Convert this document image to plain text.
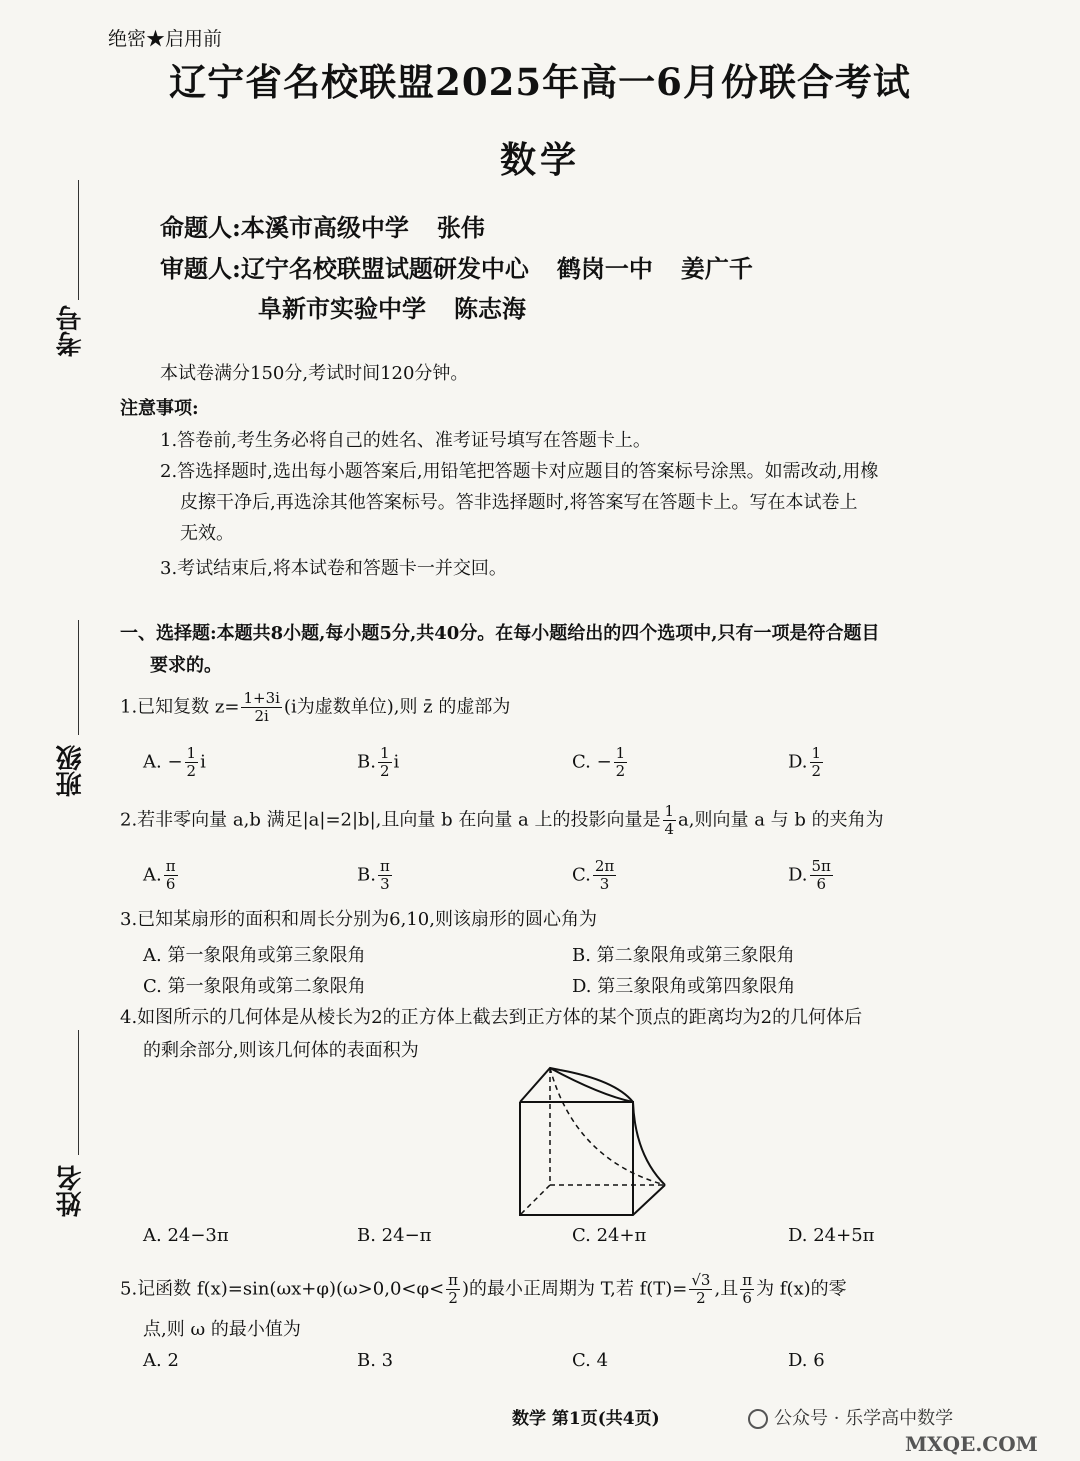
绝密★启用前
辽宁省名校联盟2025年高一6月份联合考试
数学
命题人:本溪市高级中学 张伟
审题人:辽宁名校联盟试题研发中心 鹤岗一中 姜广千
阜新市实验中学 陈志海
考号
班级
姓名
本试卷满分150分,考试时间120分钟。
注意事项:
1.答卷前,考生务必将自己的姓名、准考证号填写在答题卡上。
2.答选择题时,选出每小题答案后,用铅笔把答题卡对应题目的答案标号涂黑。如需改动,用橡
皮擦干净后,再选涂其他答案标号。答非选择题时,将答案写在答题卡上。写在本试卷上
无效。
3.考试结束后,将本试卷和答题卡一并交回。
一、选择题:本题共8小题,每小题5分,共40分。在每小题给出的四个选项中,只有一项是符合题目
要求的。
1.已知复数 $z= \frac{1+3i}{2i} (i$为虚数单位),则 z̄ 的虚部为
A. − $\frac{1}{2}$ i	B. $\frac{1}{2}$ i	C. − $\frac{1}{2}$	D. $\frac{1}{2}$
2.若非零向量 a,b 满足|a|=2|b|,且向量 b 在向量 a 上的投影向量是 $\frac{1}{4} a$,则向量 a 与 b 的夹角为
A. $\frac{\pi}{6}$	B. $\frac{\pi}{3}$	C. $\frac{2\pi}{3}$	D. $\frac{5\pi}{6}$
3.已知某扇形的面积和周长分别为6,10,则该扇形的圆心角为
A. 第一象限角或第三象限角	B. 第二象限角或第三象限角
C. 第一象限角或第二象限角	D. 第三象限角或第四象限角
4.如图所示的几何体是从棱长为2的正方体上截去到正方体的某个顶点的距离均为2的几何体后
的剩余部分,则该几何体的表面积为
A. 24−3π	B. 24−π	C. 24+π	D. 24+5π
5.记函数 $f(x)=\sin(\omega x+\varphi)(\omega>0,0<\varphi< \frac{\pi}{2}$ )的最小正周期为 T,若 $f(T)= \frac{√3}{2}$ ,且 $\frac{\pi}{6}$ 为 f(x)的零
点,则 ω 的最小值为
A. 2	B. 3	C. 4	D. 6
数学 第1页(共4页)	公众号 · 乐学高中数学
MXQE.COM
